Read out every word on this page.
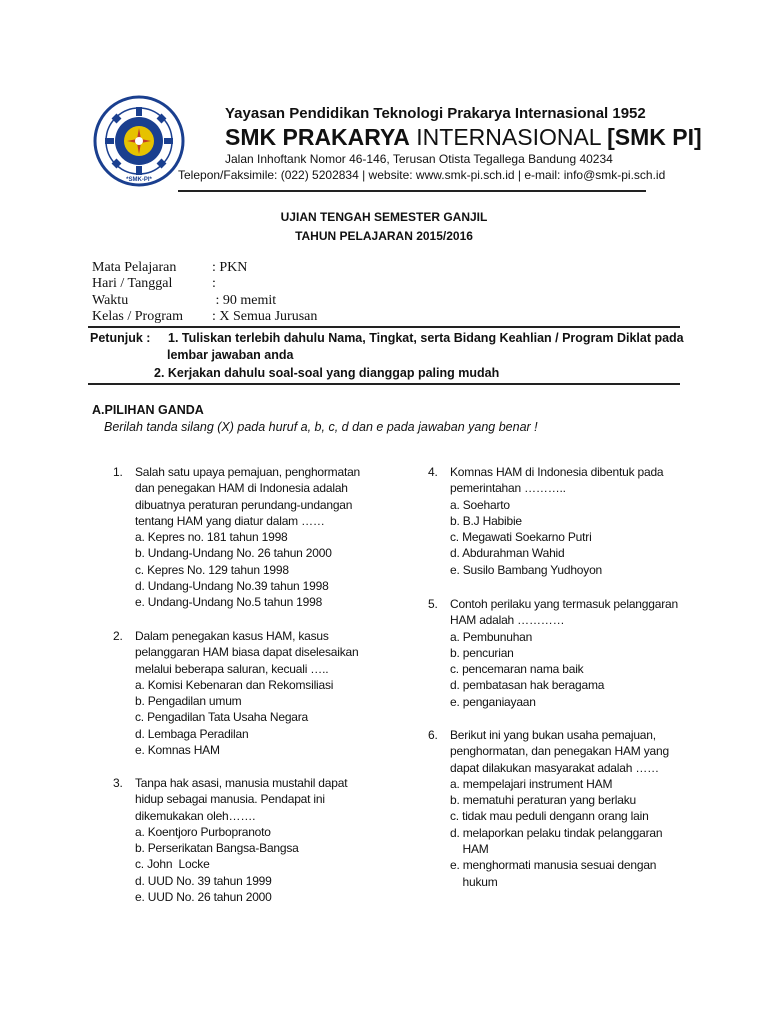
*SMK-PI*
Yayasan Pendidikan Teknologi Prakarya Internasional 1952
SMK PRAKARYA INTERNASIONAL [SMK PI]
Jalan Inhoftank Nomor 46-146, Terusan Otista Tegallega Bandung 40234
Telepon/Faksimile: (022) 5202834 | website: www.smk-pi.sch.id | e-mail: info@smk-pi.sch.id
UJIAN TENGAH SEMESTER GANJIL
TAHUN PELAJARAN 2015/2016
Mata Pelajaran	: PKN
Hari / Tanggal	:
Waktu	: 90 memit
Kelas / Program : X Semua Jurusan
Petunjuk : 1. Tuliskan terlebih dahulu Nama, Tingkat, serta Bidang Keahlian / Program Diklat pada
lembar jawaban anda
2. Kerjakan dahulu soal-soal yang dianggap paling mudah
A.PILIHAN GANDA
Berilah tanda silang (X) pada huruf a, b, c, d dan e pada jawaban yang benar !
1. Salah satu upaya pemajuan, penghormatan
dan penegakan HAM di Indonesia adalah
dibuatnya peraturan perundang-undangan
tentang HAM yang diatur dalam ……
a. Kepres no. 181 tahun 1998
b. Undang-Undang No. 26 tahun 2000
c. Kepres No. 129 tahun 1998
d. Undang-Undang No.39 tahun 1998
e. Undang-Undang No.5 tahun 1998
2. Dalam penegakan kasus HAM, kasus
pelanggaran HAM biasa dapat diselesaikan
melalui beberapa saluran, kecuali …..
a. Komisi Kebenaran dan Rekomsiliasi
b. Pengadilan umum
c. Pengadilan Tata Usaha Negara
d. Lembaga Peradilan
e. Komnas HAM
3. Tanpa hak asasi, manusia mustahil dapat
hidup sebagai manusia. Pendapat ini
dikemukakan oleh…….
a. Koentjoro Purbopranoto
b. Perserikatan Bangsa-Bangsa
c. John  Locke
d. UUD No. 39 tahun 1999
e. UUD No. 26 tahun 2000
4. Komnas HAM di Indonesia dibentuk pada
pemerintahan ………..
a. Soeharto
b. B.J Habibie
c. Megawati Soekarno Putri
d. Abdurahman Wahid
e. Susilo Bambang Yudhoyon
5. Contoh perilaku yang termasuk pelanggaran
HAM adalah …………
a. Pembunuhan
b. pencurian
c. pencemaran nama baik
d. pembatasan hak beragama
e. penganiayaan
6. Berikut ini yang bukan usaha pemajuan,
penghormatan, dan penegakan HAM yang
dapat dilakukan masyarakat adalah ……
a. mempelajari instrument HAM
b. mematuhi peraturan yang berlaku
c. tidak mau peduli dengann orang lain
d. melaporkan pelaku tindak pelanggaran
HAM
e. menghormati manusia sesuai dengan
hukum
